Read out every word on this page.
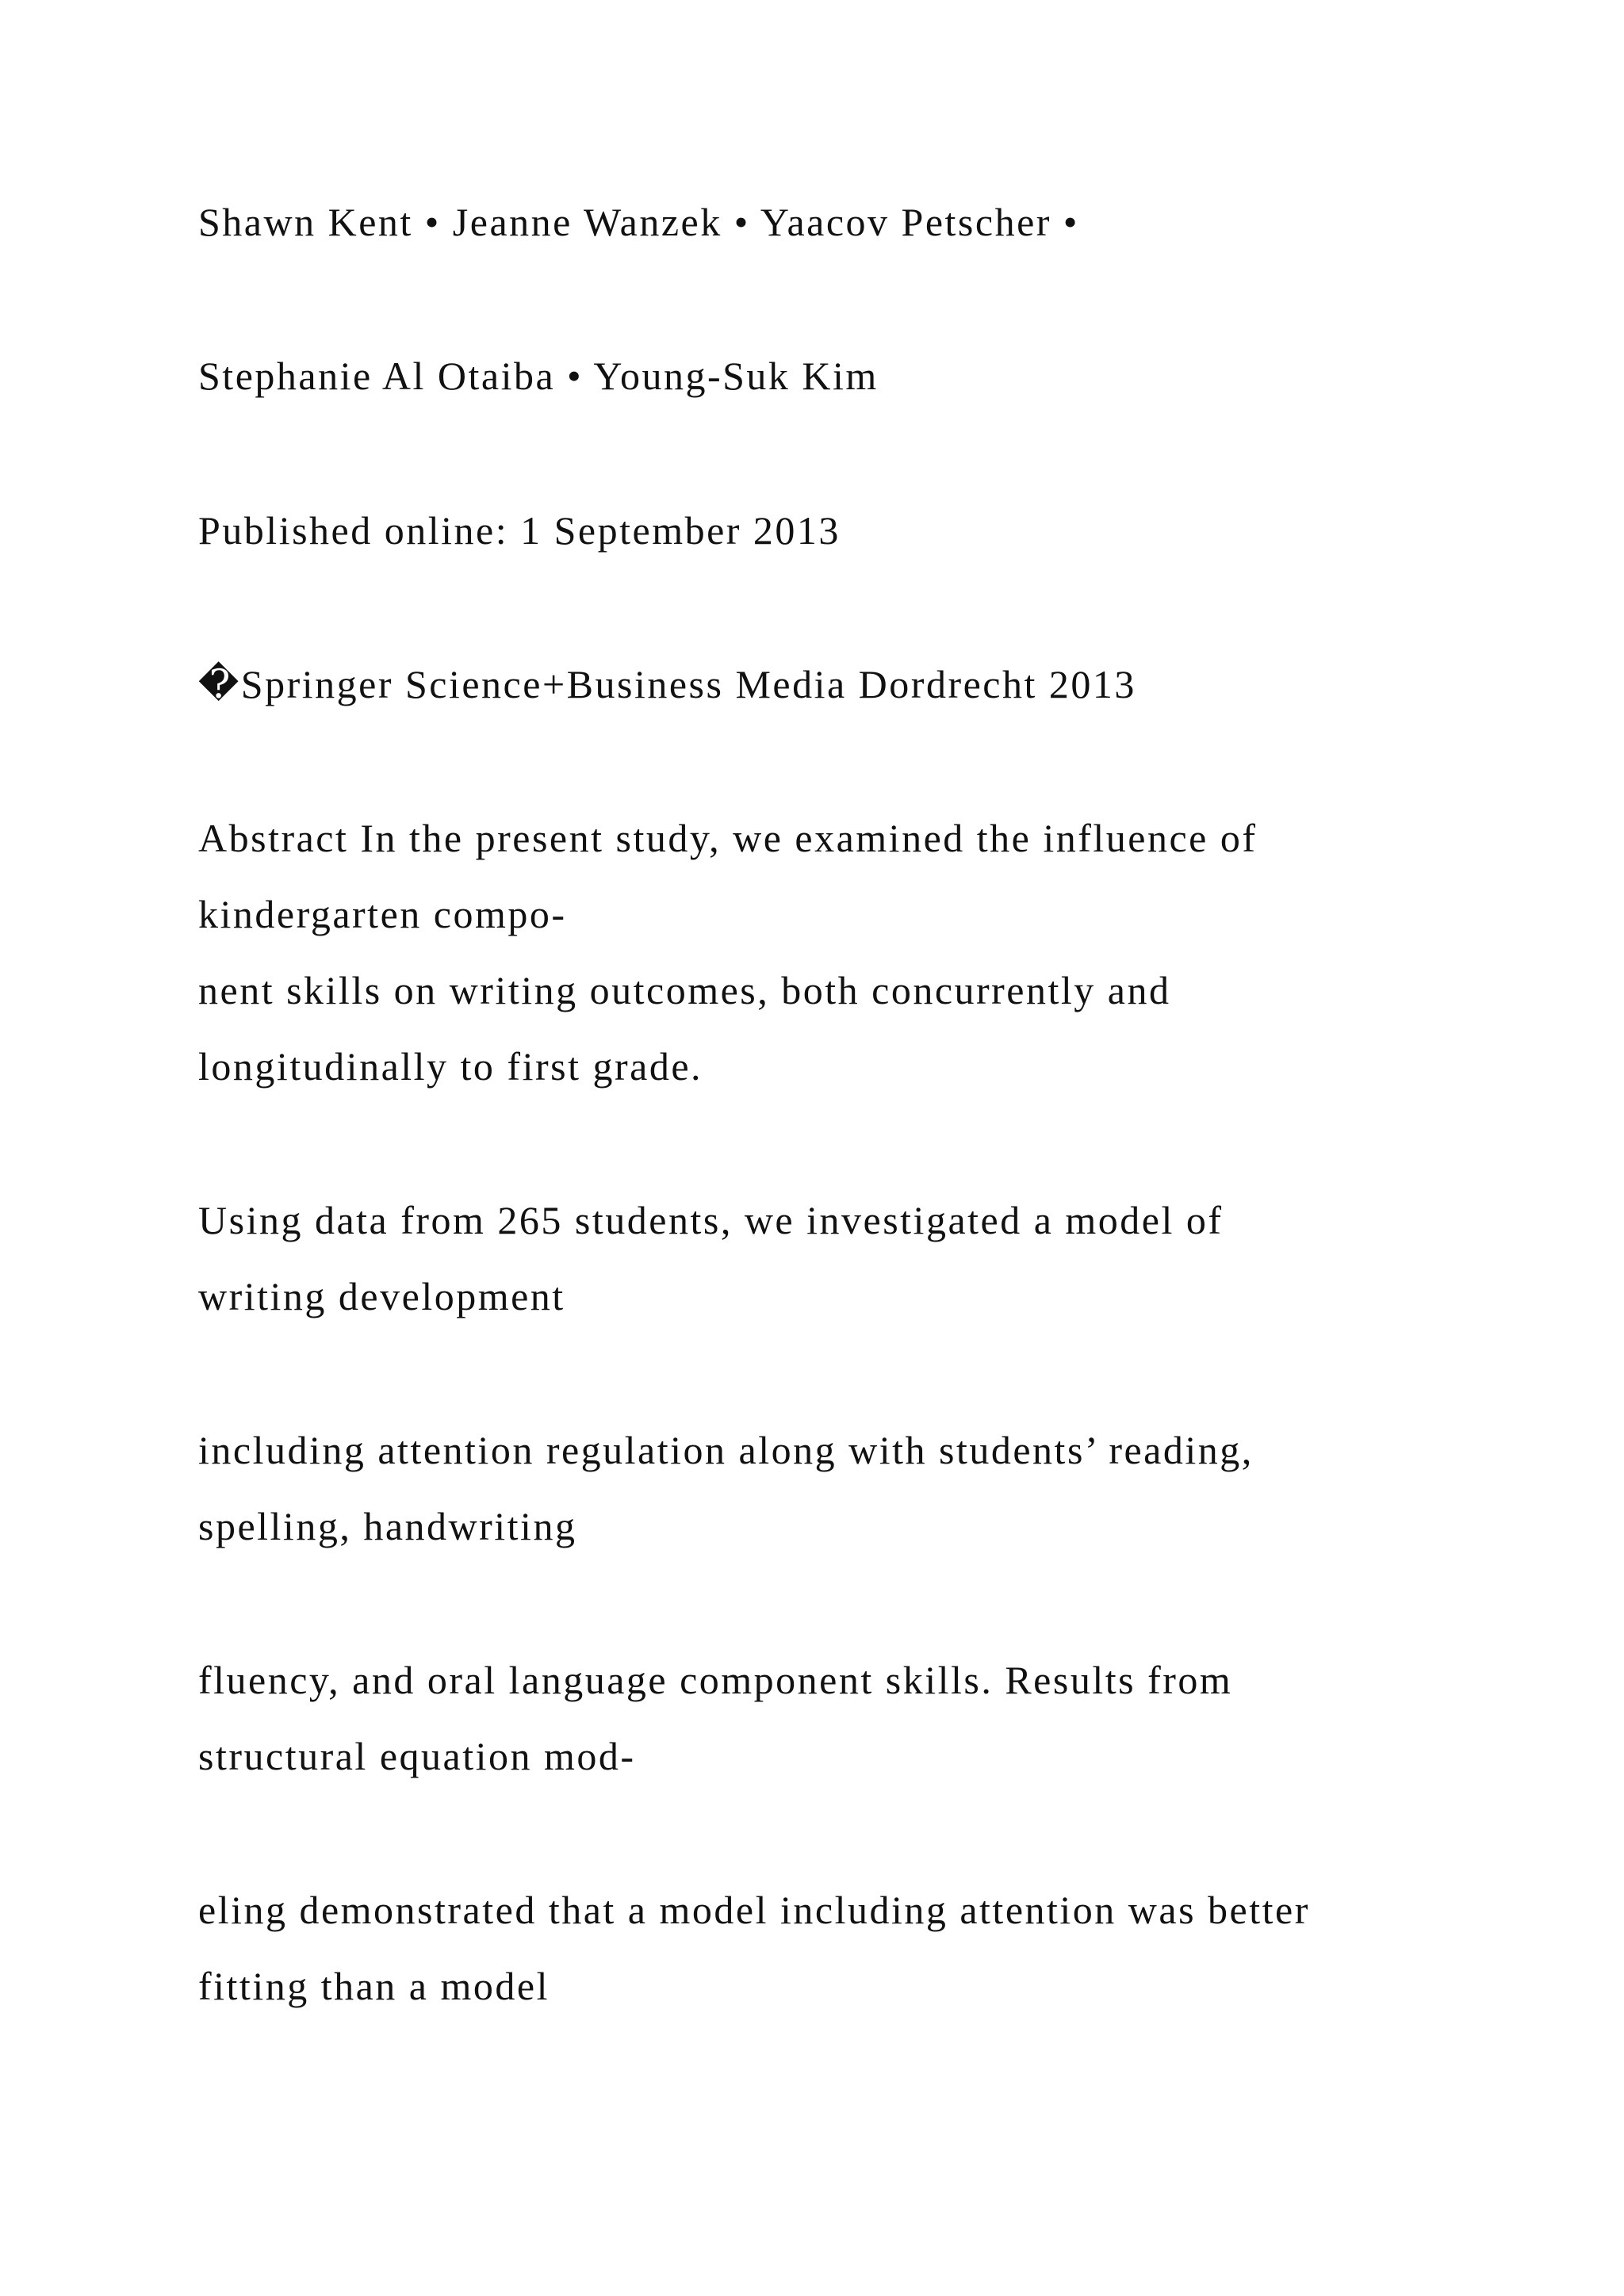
Shawn Kent • Jeanne Wanzek • Yaacov Petscher •
Stephanie Al Otaiba • Young-Suk Kim
Published online: 1 September 2013
�Springer Science+Business Media Dordrecht 2013
Abstract In the present study, we examined the influence of
kindergarten compo-
nent skills on writing outcomes, both concurrently and
longitudinally to first grade.
Using data from 265 students, we investigated a model of
writing development
including attention regulation along with students’ reading,
spelling, handwriting
fluency, and oral language component skills. Results from
structural equation mod-
eling demonstrated that a model including attention was better
fitting than a model
